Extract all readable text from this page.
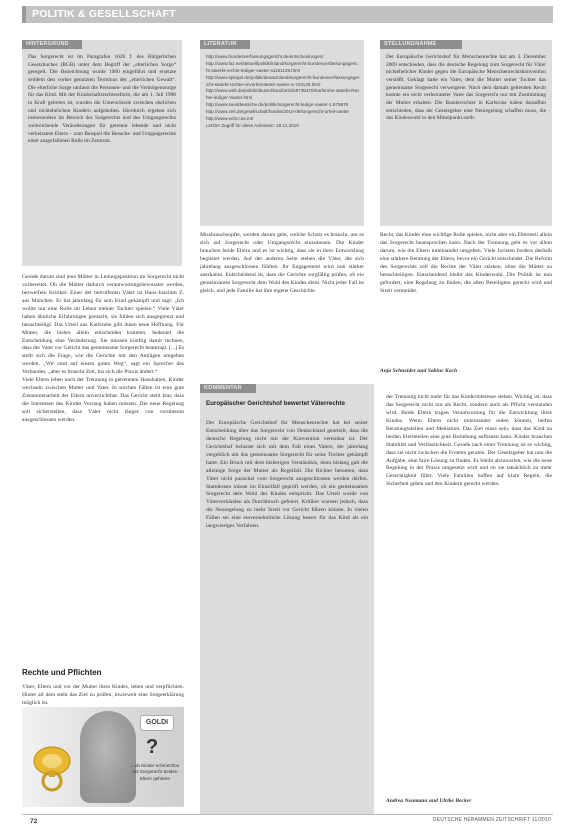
POLITIK & GESELLSCHAFT
HINTERGRUND

Das Sorgerecht ist im Paragrafen 1626 f. des Bürgerlichen Gesetzbuches (BGB) unter dem Begriff der „elterlichen Sorge“ geregelt. Die Bezeichnung wurde 1980 eingeführt und ersetzte seitdem den vorher genutzten Terminus der „elterlichen Gewalt“. Die elterliche Sorge umfasst die Personen- und die Vermögenssorge für das Kind. Mit der Kindschaftsrechtsreform, die am 1. Juli 1998 in Kraft getreten ist, wurden die Unterschiede zwischen ehelichen und nichtehelichen Kindern aufgehoben. Hierdurch ergeben sich insbesondere im Bereich des Sorgerechts und des Umgangsrechts weitreichende Veränderungen für getrennt lebende und nicht verheiratete Eltern – zum Beispiel die Besuchs- und Umgangsrechte einer ausgefallenen Rolle im Zentrum.

LITERATUR
http://www.bundesverfassungsgericht.de/entscheidungen/
http://www.faz.net/aktuell/politik/inland/sorgerecht-bundesverfassungsgericht-staerkt-rechte-lediger-vaeter-11151125.html
http://www.spiegel.de/politik/deutschland/sorgerecht-bundesverfassungsgericht-staerkt-rechte-unverheirateter-vaeter-a-710129.html
http://www.welt.de/politik/deutschland/article8735470/Karlsruhe-staerkt-Rechte-lediger-Vaeter.html
http://www.sueddeutsche.de/politik/sorgerecht-ledige-vaeter-1.979876
http://www.zeit.de/gesellschaft/familie/2010-08/sorgerecht-urteil-vaeter
http://www.echr.coe.int/
Letzter Zugriff für diese Adressen: 18.11.2010
STELLUNGNAHME

Der Europäische Gerichtshof für Menschenrechte hat am 3. Dezember 2009 entschieden, dass die deutsche Regelung zum Sorgerecht für Väter nichtehelicher Kinder gegen die Europäische Menschenrechtskonvention verstößt. Geklagt hatte ein Vater, dem die Mutter seiner Tochter das gemeinsame Sorgerecht verweigerte. Nach dem damals geltenden Recht konnte ein nicht verheirateter Vater das Sorgerecht nur mit Zustimmung der Mutter erhalten. Die Bundesrichter in Karlsruhe haben daraufhin entschieden, dass der Gesetzgeber eine Neuregelung schaffen muss, die das Kindeswohl in den Mittelpunkt stellt.

Gerade darum sind jene Mütter in Leitungsposition im Sorgerecht nicht vorbereitet. Ob die Mütter dadurch verantwortungsbewusster werden, bezweifeln Kritiker. Einer der betroffenen Väter ist Hans-Joachim Z. aus München. Er hat jahrelang für sein Kind gekämpft und sagt: „Ich wollte nur eine Rolle im Leben meiner Tochter spielen.“ Viele Väter haben ähnliche Erfahrungen gemacht, sie fühlen sich ausgegrenzt und benachteiligt. Das Urteil aus Karlsruhe gibt ihnen neue Hoffnung. Für Mütter, die bisher allein entscheiden konnten, bedeutet die Entscheidung eine Veränderung. Sie müssen künftig damit rechnen, dass der Vater vor Gericht das gemeinsame Sorgerecht beantragt. [...] Es stellt sich die Frage, wie die Gerichte mit den Anträgen umgehen werden. „Wir sind auf einem guten Weg“, sagt ein Sprecher des Verbandes, „aber es braucht Zeit, bis sich die Praxis ändert.“

Viele Eltern leben nach der Trennung in getrennten Haushalten, Kinder wechseln zwischen Mutter und Vater. In solchen Fällen ist eine gute Zusammenarbeit der Eltern unverzichtbar. Das Gericht stellt klar, dass die Interessen des Kindes Vorrang haben müssen. Die neue Regelung soll sicherstellen, dass Väter nicht länger von vornherein ausgeschlossen werden.

Rechte und Pflichten

Väter, Eltern und vor der Mutter ihres Kindes, leben und verpflichten. Hinter all dem steht das Ziel zu prüfen, inwieweit eine Sorgeerklärung möglich ist.

GOLDI
?
...ob Kinder schmerzlos mit Sorgerecht beiden Eltern gehören

Missbrauchsopfer, werden darum geht, welche Schutz es braucht, um es sich auf Sorgerecht oder Umgangsrecht einzulassen. Die Kinder brauchen beide Eltern und es ist wichtig, dass sie in ihrer Entwicklung begleitet werden. Auf der anderen Seite stehen die Väter, die sich jahrelang ausgeschlossen fühlten. Ihr Engagement wird nun stärker anerkannt. Entscheidend ist, dass die Gerichte sorgfältig prüfen, ob ein gemeinsames Sorgerecht dem Wohl des Kindes dient. Nicht jeder Fall ist gleich, und jede Familie hat ihre eigene Geschichte.

Recht, das Kinder eine wichtige Rolle spielen, nicht aber ein Elternteil allein das Sorgerecht beanspruchen kann. Nach der Trennung geht es vor allem darum, wie die Eltern miteinander umgehen. Viele Juristen fordern deshalb eine stärkere Beratung der Eltern, bevor ein Gericht entscheidet. Die Reform des Sorgerechts soll die Rechte der Väter stärken, ohne die Mütter zu benachteiligen. Entscheidend bleibt das Kindeswohl. Die Politik ist nun gefordert, eine Regelung zu finden, die allen Beteiligten gerecht wird und Streit vermeidet.

Anja Schneider und Sabine Koch
KOMMENTAR
Europäischer Gerichtshof bewertet Väterrechte

Der Europäische Gerichtshof für Menschenrechte hat bei seiner Entscheidung über das Sorgerecht von Deutschland geurteilt, dass die deutsche Regelung nicht mit der Konvention vereinbar ist. Der Gerichtshof befasste sich mit dem Fall eines Vaters, der jahrelang vergeblich um das gemeinsame Sorgerecht für seine Tochter gekämpft hatte. Ein Bruch mit dem bisherigen Verständnis, denn bislang galt die alleinige Sorge der Mutter als Regelfall. Die Richter betonten, dass Väter nicht pauschal vom Sorgerecht ausgeschlossen werden dürfen. Stattdessen müsse im Einzelfall geprüft werden, ob ein gemeinsames Sorgerecht dem Wohl des Kindes entspricht. Das Urteil wurde von Väterverbänden als Durchbruch gefeiert. Kritiker warnen jedoch, dass die Neuregelung zu mehr Streit vor Gericht führen könnte. In vielen Fällen sei eine einvernehmliche Lösung besser für das Kind als ein langwieriges Verfahren.

der Trennung nicht mehr für das Kinderinteresse stehen. Wichtig ist, dass das Sorgerecht nicht nur als Recht, sondern auch als Pflicht verstanden wird. Beide Eltern tragen Verantwortung für die Entwicklung ihres Kindes. Wenn Eltern nicht miteinander reden können, helfen Beratungsstellen und Mediation. Das Ziel muss sein, dass das Kind zu beiden Elternteilen eine gute Beziehung aufbauen kann. Kinder brauchen Stabilität und Verlässlichkeit. Gerade nach einer Trennung ist es wichtig, dass sie nicht zwischen die Fronten geraten. Der Gesetzgeber hat nun die Aufgabe, eine faire Lösung zu finden. Es bleibt abzuwarten, wie die neue Regelung in der Praxis umgesetzt wird und ob sie tatsächlich zu mehr Gerechtigkeit führt. Viele Familien hoffen auf klare Regeln, die Sicherheit geben und den Kindern gerecht werden.

Andrea Neumann und Ulrike Becker
72	DEUTSCHE HEBAMMEN ZEITSCHRIFT 11/2010
